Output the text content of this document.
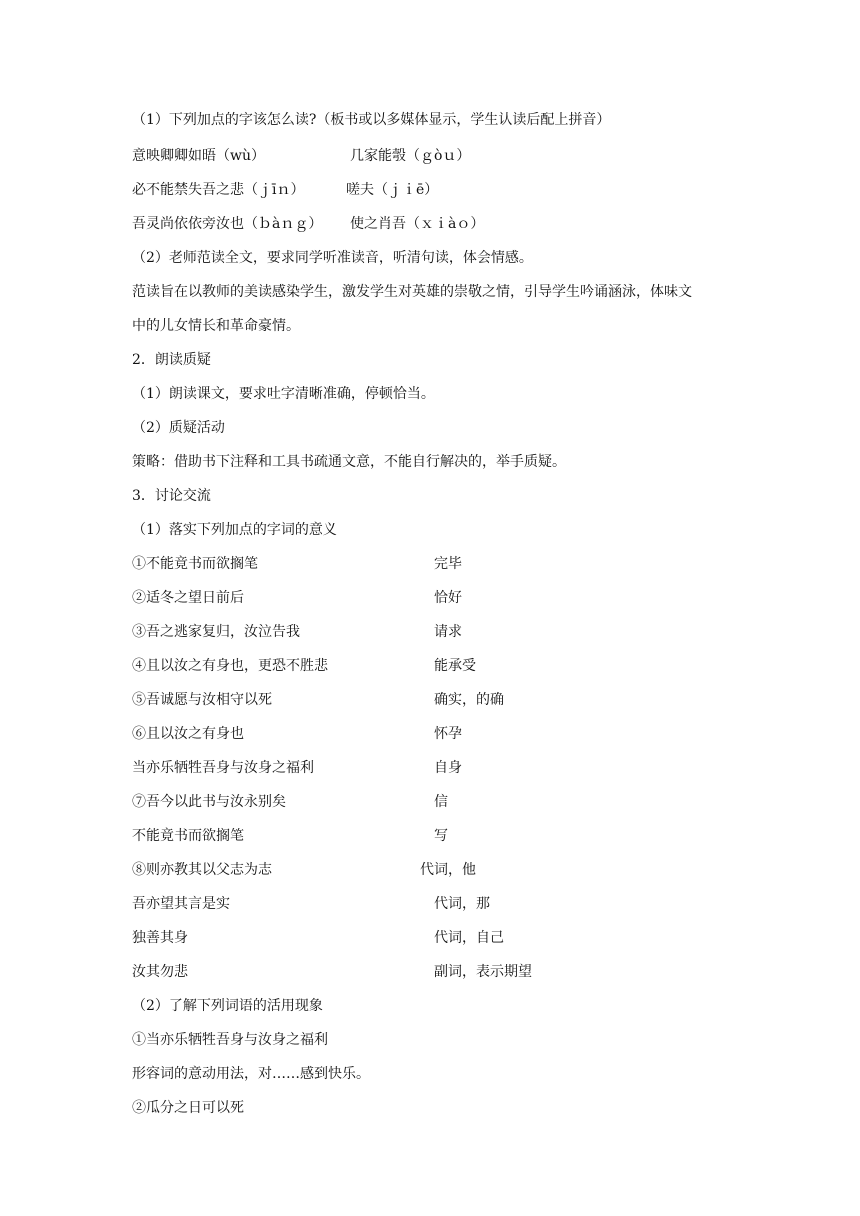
（1）下列加点的字该怎么读?（板书或以多媒体显示，学生认读后配上拼音）
意映卿卿如晤（wù）	几家能彀（ｇòｕ）
必不能禁失吾之悲（ｊīｎ）	嗟夫（ｊｉē）
吾灵尚依依旁汝也（ｂàｎｇ） 使之肖吾（ｘｉàｏ）
（2）老师范读全文，要求同学听准读音，听清句读，体会情感。
范读旨在以教师的美读感染学生，激发学生对英雄的崇敬之情，引导学生吟诵涵泳，体味文
中的儿女情长和革命豪情。
2．朗读质疑
（1）朗读课文，要求吐字清晰准确，停顿恰当。
（2）质疑活动
策略：借助书下注释和工具书疏通文意，不能自行解决的，举手质疑。
3．讨论交流
（1）落实下列加点的字词的意义
①不能竟书而欲搁笔	完毕
②适冬之望日前后	恰好
③吾之逃家复归，汝泣告我	请求
④且以汝之有身也，更恐不胜悲	能承受
⑤吾诚愿与汝相守以死	确实，的确
⑥且以汝之有身也	怀孕
当亦乐牺牲吾身与汝身之福利	自身
⑦吾今以此书与汝永别矣	信
不能竟书而欲搁笔	写
⑧则亦教其以父志为志	代词，他
吾亦望其言是实	代词，那
独善其身	代词，自己
汝其勿悲	副词，表示期望
（2）了解下列词语的活用现象
①当亦乐牺牲吾身与汝身之福利
形容词的意动用法，对……感到快乐。
②瓜分之日可以死
